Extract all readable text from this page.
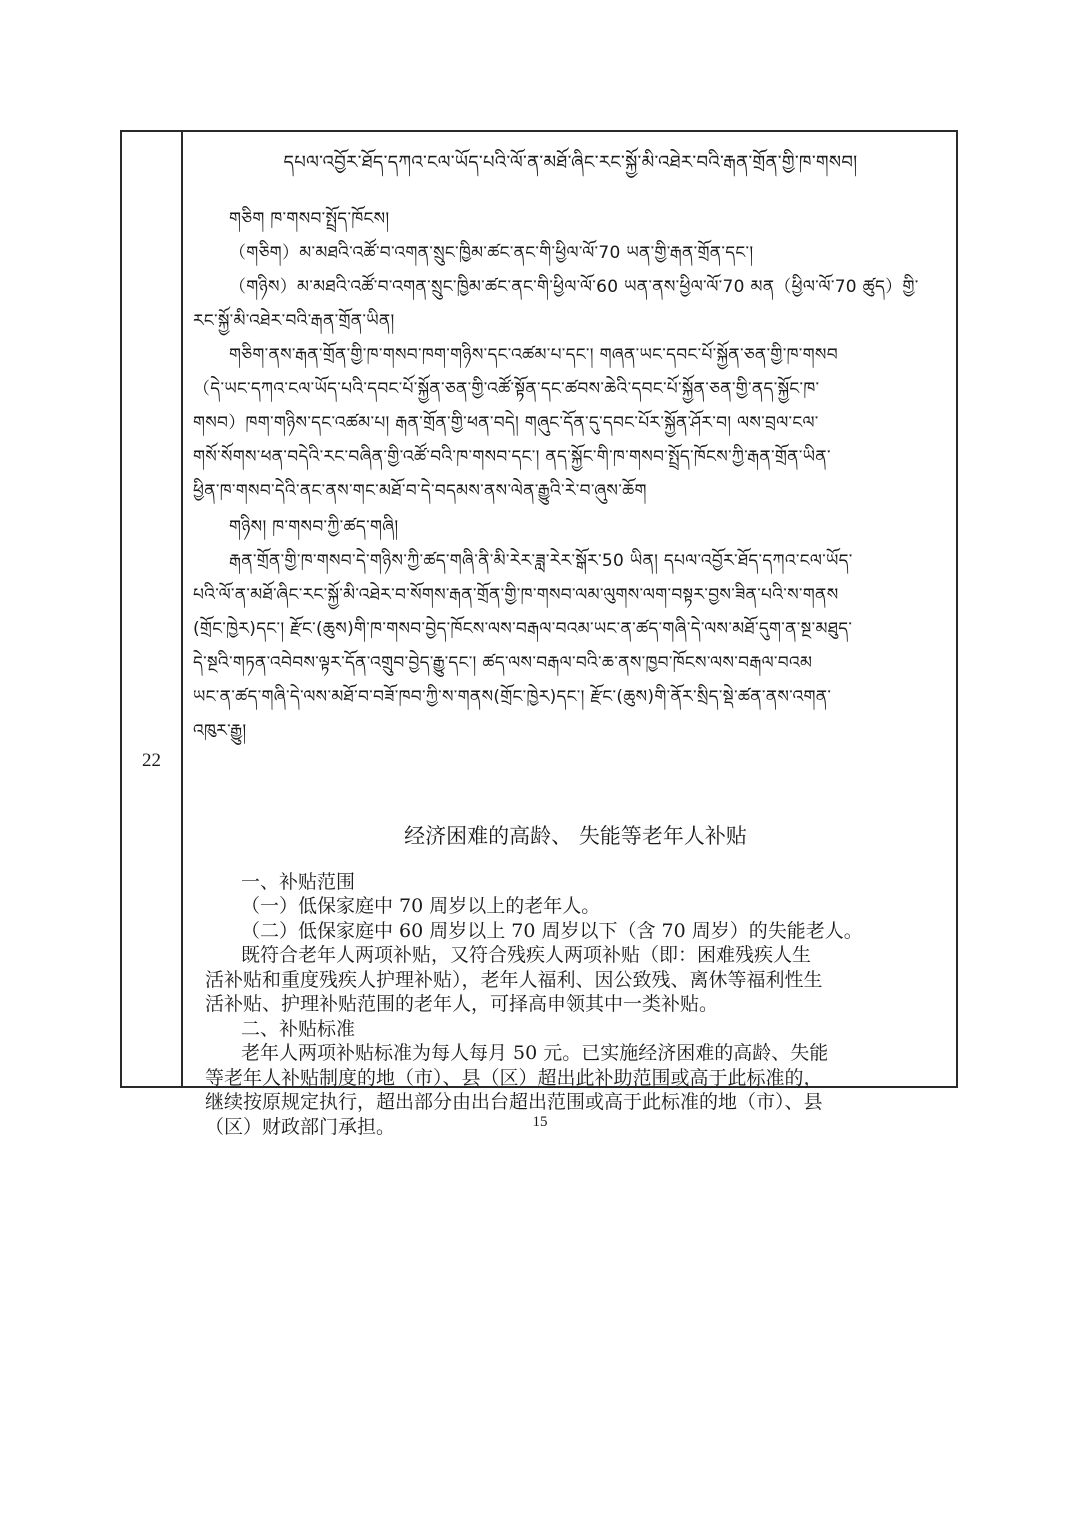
22
དཔལ་འབྱོར་ཐོད་དཀའ་ངལ་ཡོད་པའི་ལོ་ན་མཐོ་ཞིང་རང་སྐྱོ་མི་འཐེར་བའི་རྒན་གྲོན་གྱི་ཁ་གསབ།
གཅིག ཁ་གསབ་སྤྲོད་ཁོངས།
（གཅིག）མ་མཐའི་འཚོ་བ་འགན་སྲུང་ཁྱིམ་ཚང་ནང་གི་ཕྱིལ་ལོ་70 ཡན་གྱི་རྒན་གྲོན་དང་།
（གཉིས）མ་མཐའི་འཚོ་བ་འགན་སྲུང་ཁྱིམ་ཚང་ནང་གི་ཕྱིལ་ལོ་60 ཡན་ནས་ཕྱིལ་ལོ་70 མན（ཕྱིལ་ལོ་70 ཚུད）གྱི་
རང་སྐྱོ་མི་འཐེར་བའི་རྒན་གྲོན་ཡིན།
གཅིག་ནས་རྒན་གྲོན་གྱི་ཁ་གསབ་ཁག་གཉིས་དང་འཚམ་པ་དང་། གཞན་ཡང་དབང་པོ་སྐྱོན་ཅན་གྱི་ཁ་གསབ
（དེ་ཡང་དཀའ་ངལ་ཡོད་པའི་དབང་པོ་སྐྱོན་ཅན་གྱི་འཚོ་སྟོན་དང་ཚབས་ཆེའི་དབང་པོ་སྐྱོན་ཅན་གྱི་ནད་སྐྱོང་ཁ་
གསབ）ཁག་གཉིས་དང་འཚམ་པ། རྒན་གྲོན་གྱི་ཕན་བདེ། གཞུང་དོན་དུ་དབང་པོར་སྐྱོན་ཤོར་བ། ལས་བྲལ་ངལ་
གསོ་སོགས་ཕན་བདེའི་རང་བཞིན་གྱི་འཚོ་བའི་ཁ་གསབ་དང་། ནད་སྐྱོང་གི་ཁ་གསབ་སྤྲོད་ཁོངས་ཀྱི་རྒན་གྲོན་ཡིན་
ཕྱིན་ཁ་གསབ་དེའི་ནང་ནས་གང་མཐོ་བ་དེ་བདམས་ནས་ལེན་རྒྱུའི་རེ་བ་ཞུས་ཆོག
གཉིས། ཁ་གསབ་ཀྱི་ཚད་གཞི།
རྒན་གྲོན་གྱི་ཁ་གསབ་དེ་གཉིས་ཀྱི་ཚད་གཞི་ནི་མི་རེར་ཟླ་རེར་སྒོར་50 ཡིན། དཔལ་འབྱོར་ཐོད་དཀའ་ངལ་ཡོད་
པའི་ལོ་ན་མཐོ་ཞིང་རང་སྐྱོ་མི་འཐེར་བ་སོགས་རྒན་གྲོན་གྱི་ཁ་གསབ་ལམ་ལུགས་ལག་བསྟར་བྱས་ཟིན་པའི་ས་གནས
(གྲོང་ཁྱེར)དང་། རྫོང་(ཆུས)གི་ཁ་གསབ་བྱེད་ཁོངས་ལས་བརྒལ་བའམ་ཡང་ན་ཚད་གཞི་དེ་ལས་མཐོ་དུག་ན་སྔ་མཐུད་
དེ་སྔའི་གཏན་འབེབས་ལྟར་དོན་འགྲུབ་བྱེད་རྒྱུ་དང་། ཚད་ལས་བརྒལ་བའི་ཆ་ནས་ཁྱབ་ཁོངས་ལས་བརྒལ་བའམ
ཡང་ན་ཚད་གཞི་དེ་ལས་མཐོ་བ་བཟོ་ཁབ་ཀྱི་ས་གནས(གྲོང་ཁྱེར)དང་། རྫོང་(ཆུས)གི་ནོར་སྲིད་སྡེ་ཚན་ནས་འགན་
འཁུར་རྒྱུ།
经济困难的高龄、 失能等老年人补贴
一、补贴范围
（一）低保家庭中 70 周岁以上的老年人。
（二）低保家庭中 60 周岁以上 70 周岁以下（含 70 周岁）的失能老人。
既符合老年人两项补贴，又符合残疾人两项补贴（即：困难残疾人生
活补贴和重度残疾人护理补贴），老年人福利、因公致残、离休等福利性生
活补贴、护理补贴范围的老年人，可择高申领其中一类补贴。
二、补贴标准
老年人两项补贴标准为每人每月 50 元。已实施经济困难的高龄、失能
等老年人补贴制度的地（市）、县（区）超出此补助范围或高于此标准的，
继续按原规定执行，超出部分由出台超出范围或高于此标准的地（市）、县
（区）财政部门承担。	15
